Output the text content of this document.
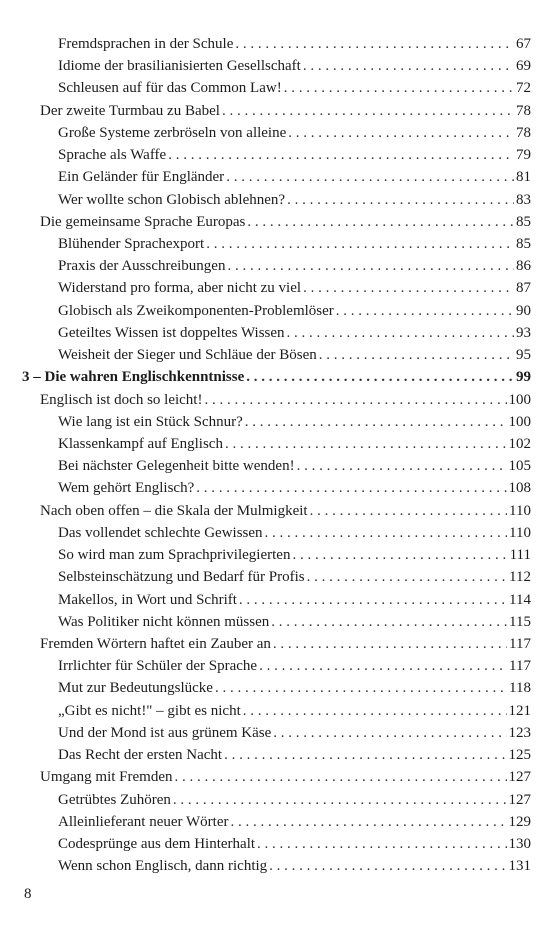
Fremdsprachen in der Schule . . .	67
Idiome der brasilianisierten Gesellschaft . . .	69
Schleusen auf für das Common Law! . . .	72
Der zweite Turmbau zu Babel . . .	78
Große Systeme zerbröseln von alleine . . .	78
Sprache als Waffe . . .	79
Ein Geländer für Engländer . . .	81
Wer wollte schon Globisch ablehnen? . . .	83
Die gemeinsame Sprache Europas . . .	85
Blühender Sprachexport . . .	85
Praxis der Ausschreibungen . . .	86
Widerstand pro forma, aber nicht zu viel . . .	87
Globisch als Zweikomponenten-Problemlöser . . .	90
Geteiltes Wissen ist doppeltes Wissen . . .	93
Weisheit der Sieger und Schläue der Bösen . . .	95
3 – Die wahren Englischkenntnisse . . .	99
Englisch ist doch so leicht! . . .	100
Wie lang ist ein Stück Schnur? . . .	100
Klassenkampf auf Englisch . . .	102
Bei nächster Gelegenheit bitte wenden! . . .	105
Wem gehört Englisch? . . .	108
Nach oben offen – die Skala der Mulmigkeit . . .	110
Das vollendet schlechte Gewissen . . .	110
So wird man zum Sprachprivilegierten . . .	111
Selbsteinschätzung und Bedarf für Profis . . .	112
Makellos, in Wort und Schrift . . .	114
Was Politiker nicht können müssen . . .	115
Fremden Wörtern haftet ein Zauber an . . .	117
Irrlichter für Schüler der Sprache . . .	117
Mut zur Bedeutungslücke . . .	118
„Gibt es nicht!" – gibt es nicht . . .	121
Und der Mond ist aus grünem Käse . . .	123
Das Recht der ersten Nacht . . .	125
Umgang mit Fremden . . .	127
Getrübtes Zuhören . . .	127
Alleinlieferant neuer Wörter . . .	129
Codesprünge aus dem Hinterhalt . . .	130
Wenn schon Englisch, dann richtig . . .	131
8
